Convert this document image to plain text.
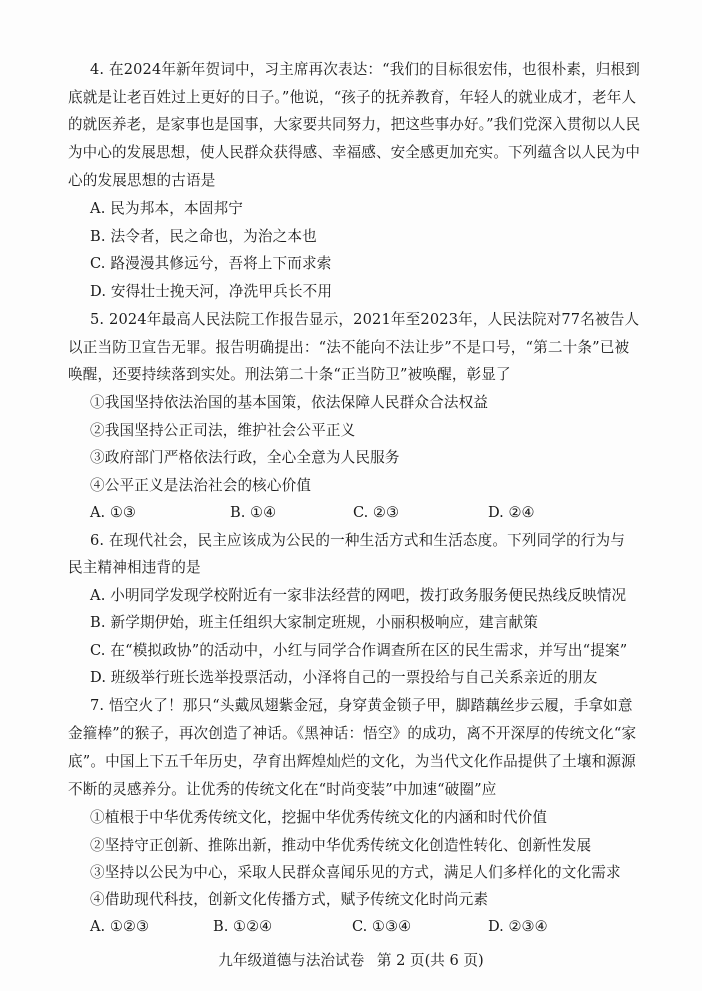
4. 在2024年新年贺词中，习主席再次表达：“我们的目标很宏伟，也很朴素，归根到
底就是让老百姓过上更好的日子。”他说，“孩子的抚养教育，年轻人的就业成才，老年人
的就医养老，是家事也是国事，大家要共同努力，把这些事办好。”我们党深入贯彻以人民
为中心的发展思想，使人民群众获得感、幸福感、安全感更加充实。下列蕴含以人民为中
心的发展思想的古语是
A. 民为邦本，本固邦宁
B. 法令者，民之命也，为治之本也
C. 路漫漫其修远兮，吾将上下而求索
D. 安得壮士挽天河，净洗甲兵长不用
5. 2024年最高人民法院工作报告显示，2021年至2023年，人民法院对77名被告人
以正当防卫宣告无罪。报告明确提出：“法不能向不法让步”不是口号，“第二十条”已被
唤醒，还要持续落到实处。刑法第二十条“正当防卫”被唤醒，彰显了
①我国坚持依法治国的基本国策，依法保障人民群众合法权益
②我国坚持公正司法，维护社会公平正义
③政府部门严格依法行政，全心全意为人民服务
④公平正义是法治社会的核心价值
A. ①③	B. ①④	C. ②③	D. ②④
6. 在现代社会，民主应该成为公民的一种生活方式和生活态度。下列同学的行为与
民主精神相违背的是
A. 小明同学发现学校附近有一家非法经营的网吧，拨打政务服务便民热线反映情况
B. 新学期伊始，班主任组织大家制定班规，小丽积极响应，建言献策
C. 在“模拟政协”的活动中，小红与同学合作调查所在区的民生需求，并写出“提案”
D. 班级举行班长选举投票活动，小泽将自己的一票投给与自己关系亲近的朋友
7. 悟空火了！那只“头戴凤翅紫金冠，身穿黄金锁子甲，脚踏藕丝步云履，手拿如意
金箍棒”的猴子，再次创造了神话。《黑神话：悟空》的成功，离不开深厚的传统文化“家
底”。中国上下五千年历史，孕育出辉煌灿烂的文化，为当代文化作品提供了土壤和源源
不断的灵感养分。让优秀的传统文化在“时尚变装”中加速“破圈”应
①植根于中华优秀传统文化，挖掘中华优秀传统文化的内涵和时代价值
②坚持守正创新、推陈出新，推动中华优秀传统文化创造性转化、创新性发展
③坚持以公民为中心，采取人民群众喜闻乐见的方式，满足人们多样化的文化需求
④借助现代科技，创新文化传播方式，赋予传统文化时尚元素
A. ①②③	B. ①②④	C. ①③④	D. ②③④
九年级道德与法治试卷 第 2 页(共 6 页)
